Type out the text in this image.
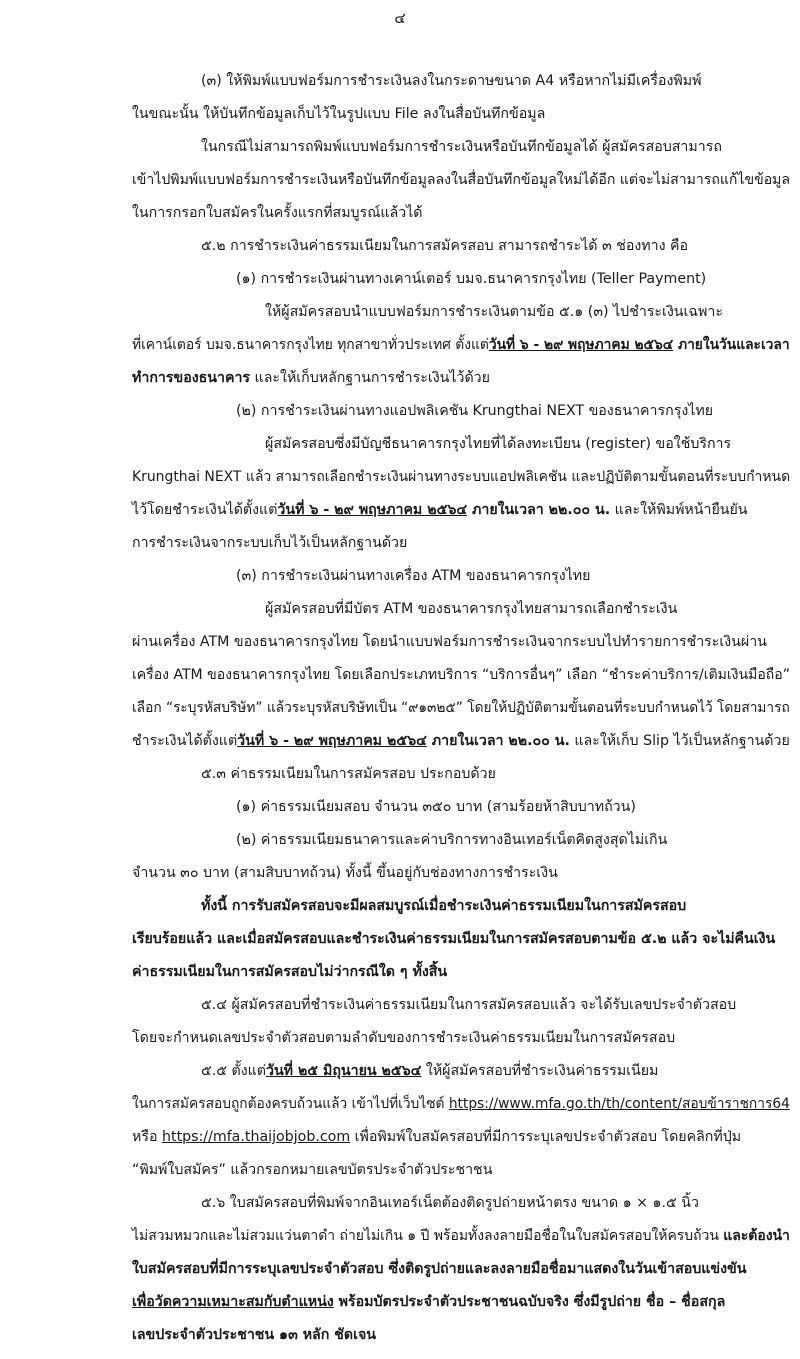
๔
(๓) ให้พิมพ์แบบฟอร์มการชำระเงินลงในกระดาษขนาด A4 หรือหากไม่มีเครื่องพิมพ์
ในขณะนั้น ให้บันทึกข้อมูลเก็บไว้ในรูปแบบ File ลงในสื่อบันทึกข้อมูล
ในกรณีไม่สามารถพิมพ์แบบฟอร์มการชำระเงินหรือบันทึกข้อมูลได้ ผู้สมัครสอบสามารถ
เข้าไปพิมพ์แบบฟอร์มการชำระเงินหรือบันทึกข้อมูลลงในสื่อบันทึกข้อมูลใหม่ได้อีก แต่จะไม่สามารถแก้ไขข้อมูล
ในการกรอกใบสมัครในครั้งแรกที่สมบูรณ์แล้วได้
๕.๒ การชำระเงินค่าธรรมเนียมในการสมัครสอบ สามารถชำระได้ ๓ ช่องทาง คือ
(๑) การชำระเงินผ่านทางเคาน์เตอร์ บมจ.ธนาคารกรุงไทย (Teller Payment)
ให้ผู้สมัครสอบนำแบบฟอร์มการชำระเงินตามข้อ ๕.๑ (๓) ไปชำระเงินเฉพาะ
ที่เคาน์เตอร์ บมจ.ธนาคารกรุงไทย ทุกสาขาทั่วประเทศ ตั้งแต่วันที่ ๖ - ๒๙ พฤษภาคม ๒๕๖๔ ภายในวันและเวลา
ทำการของธนาคาร และให้เก็บหลักฐานการชำระเงินไว้ด้วย
(๒) การชำระเงินผ่านทางแอปพลิเคชัน Krungthai NEXT ของธนาคารกรุงไทย
ผู้สมัครสอบซึ่งมีบัญชีธนาคารกรุงไทยที่ได้ลงทะเบียน (register) ขอใช้บริการ
Krungthai NEXT แล้ว สามารถเลือกชำระเงินผ่านทางระบบแอปพลิเคชัน และปฏิบัติตามขั้นตอนที่ระบบกำหนด
ไว้โดยชำระเงินได้ตั้งแต่วันที่ ๖ - ๒๙ พฤษภาคม ๒๕๖๔ ภายในเวลา ๒๒.๐๐ น. และให้พิมพ์หน้ายืนยัน
การชำระเงินจากระบบเก็บไว้เป็นหลักฐานด้วย
(๓) การชำระเงินผ่านทางเครื่อง ATM ของธนาคารกรุงไทย
ผู้สมัครสอบที่มีบัตร ATM ของธนาคารกรุงไทยสามารถเลือกชำระเงิน
ผ่านเครื่อง ATM ของธนาคารกรุงไทย โดยนำแบบฟอร์มการชำระเงินจากระบบไปทำรายการชำระเงินผ่าน
เครื่อง ATM ของธนาคารกรุงไทย โดยเลือกประเภทบริการ “บริการอื่นๆ” เลือก “ชำระค่าบริการ/เติมเงินมือถือ”
เลือก “ระบุรหัสบริษัท” แล้วระบุรหัสบริษัทเป็น “๙๑๓๒๕” โดยให้ปฏิบัติตามขั้นตอนที่ระบบกำหนดไว้ โดยสามารถ
ชำระเงินได้ตั้งแต่วันที่ ๖ - ๒๙ พฤษภาคม ๒๕๖๔ ภายในเวลา ๒๒.๐๐ น. และให้เก็บ Slip ไว้เป็นหลักฐานด้วย
๕.๓ ค่าธรรมเนียมในการสมัครสอบ ประกอบด้วย
(๑) ค่าธรรมเนียมสอบ จำนวน ๓๕๐ บาท (สามร้อยห้าสิบบาทถ้วน)
(๒) ค่าธรรมเนียมธนาคารและค่าบริการทางอินเทอร์เน็ตคิดสูงสุดไม่เกิน
จำนวน ๓๐ บาท (สามสิบบาทถ้วน) ทั้งนี้ ขึ้นอยู่กับช่องทางการชำระเงิน
ทั้งนี้ การรับสมัครสอบจะมีผลสมบูรณ์เมื่อชำระเงินค่าธรรมเนียมในการสมัครสอบ
เรียบร้อยแล้ว และเมื่อสมัครสอบและชำระเงินค่าธรรมเนียมในการสมัครสอบตามข้อ ๕.๒ แล้ว จะไม่คืนเงิน
ค่าธรรมเนียมในการสมัครสอบไม่ว่ากรณีใด ๆ ทั้งสิ้น
๕.๔ ผู้สมัครสอบที่ชำระเงินค่าธรรมเนียมในการสมัครสอบแล้ว จะได้รับเลขประจำตัวสอบ
โดยจะกำหนดเลขประจำตัวสอบตามลำดับของการชำระเงินค่าธรรมเนียมในการสมัครสอบ
๕.๕ ตั้งแต่วันที่ ๒๕ มิถุนายน ๒๕๖๔ ให้ผู้สมัครสอบที่ชำระเงินค่าธรรมเนียม
ในการสมัครสอบถูกต้องครบถ้วนแล้ว เข้าไปที่เว็บไซต์ https://www.mfa.go.th/th/content/สอบข้าราชการ64
หรือ https://mfa.thaijobjob.com เพื่อพิมพ์ใบสมัครสอบที่มีการระบุเลขประจำตัวสอบ โดยคลิกที่ปุ่ม
“พิมพ์ใบสมัคร” แล้วกรอกหมายเลขบัตรประจำตัวประชาชน
๕.๖ ใบสมัครสอบที่พิมพ์จากอินเทอร์เน็ตต้องติดรูปถ่ายหน้าตรง ขนาด ๑ × ๑.๕ นิ้ว
ไม่สวมหมวกและไม่สวมแว่นตาดำ ถ่ายไม่เกิน ๑ ปี พร้อมทั้งลงลายมือชื่อในใบสมัครสอบให้ครบถ้วน และต้องนำ
ใบสมัครสอบที่มีการระบุเลขประจำตัวสอบ ซึ่งติดรูปถ่ายและลงลายมือชื่อมาแสดงในวันเข้าสอบแข่งขัน
เพื่อวัดความเหมาะสมกับตำแหน่ง พร้อมบัตรประจำตัวประชาชนฉบับจริง ซึ่งมีรูปถ่าย ชื่อ – ชื่อสกุล
เลขประจำตัวประชาชน ๑๓ หลัก ชัดเจน
